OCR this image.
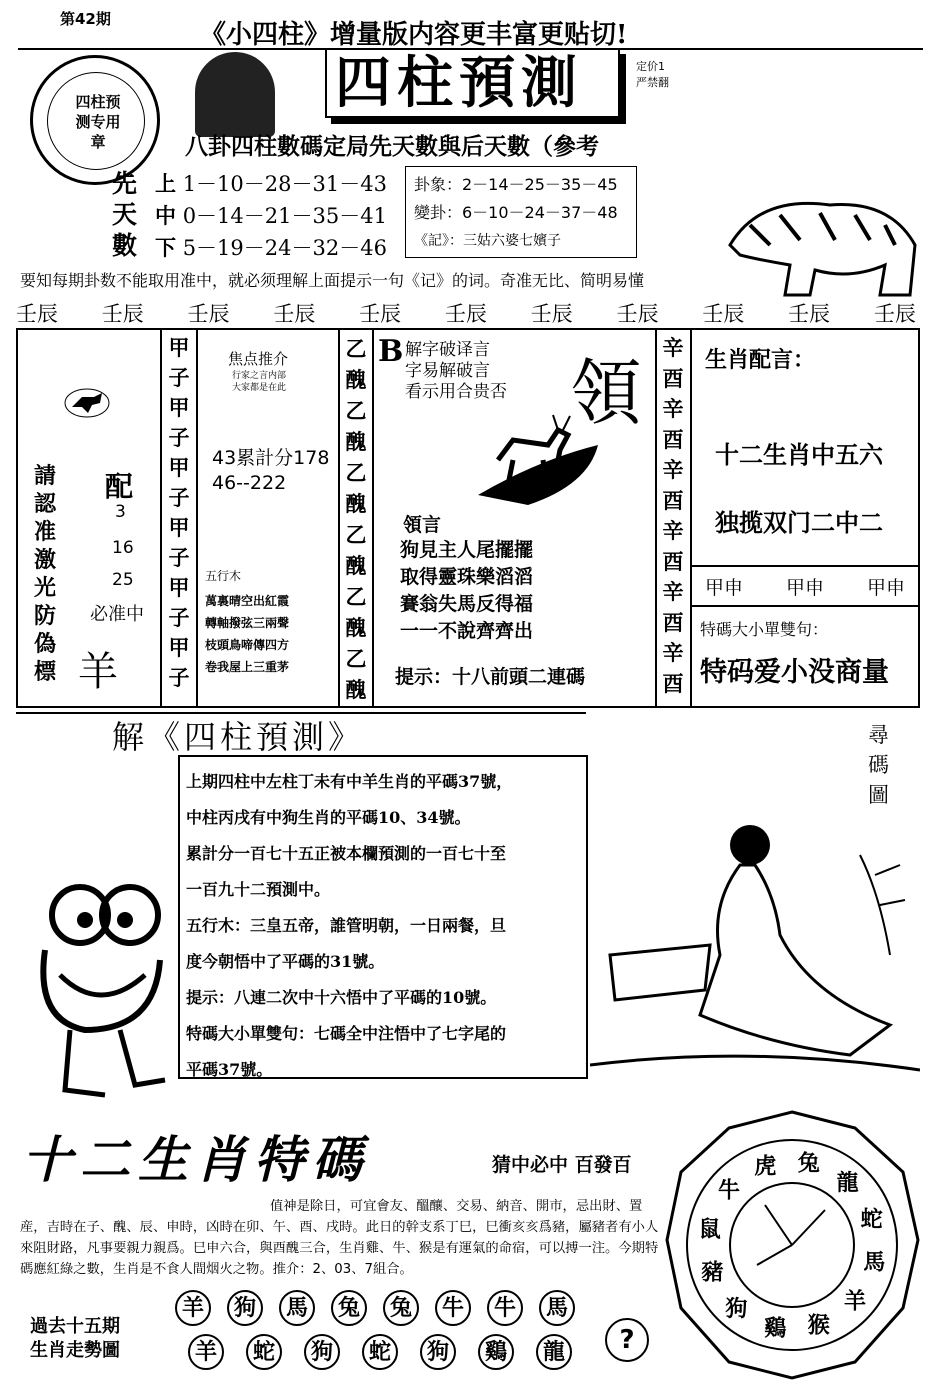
第42期
《小四柱》增量版内容更丰富更贴切!
四柱预测专用章
四柱預測	定价1
严禁翻
八卦四柱數碼定局先天數與后天數（參考
先
天
數
上 1－10－28－31－43
中 0－14－21－35－41
下 5－19－24－32－46
卦象：2－14－25－35－45
變卦：6－10－24－37－48
《記》：三姑六婆七嬪子
要知每期卦数不能取用准中，就必须理解上面提示一句《记》的词。奇准无比、简明易懂
壬辰 壬辰 壬辰 壬辰 壬辰 壬辰 壬辰 壬辰 壬辰 壬辰 壬辰
請認准激光防偽標
配
3
16
25
必准中
羊
甲子
甲子
甲子
甲子
甲子
甲子
焦点推介
行家之言内部
大家都是在此
43累計分178
46--222
五行木
萬裏晴空出紅霞
轉軸撥弦三兩聲
枝頭鳥啼傳四方
卷我屋上三重茅
乙醜
乙醜
乙醜
乙醜
乙醜
乙醜
B 解字破译言
字易解破言
看示用合贵否 領
領言
狗見主人尾擺擺
取得靈珠樂滔滔
賽翁失馬反得福
一一不說齊齊出
提示：十八前頭二連碼
辛酉
辛酉
辛酉
辛酉
辛酉
辛酉
生肖配言：
十二生肖中五六
独揽双门二中二
甲申 甲申 甲申
特碼大小單雙句：
特码爱小没商量
解《四柱預測》
上期四柱中左柱丁未有中羊生肖的平碼37號，
中柱丙戌有中狗生肖的平碼10、34號。
累計分一百七十五正被本欄預測的一百七十至
一百九十二預測中。
五行木：三皇五帝，誰管明朝，一日兩餐，旦
度今朝悟中了平碼的31號。
提示：八連二次中十六悟中了平碼的10號。
特碼大小單雙句：七碼全中注悟中了七字尾的
平碼37號。
尋碼圖
十二生肖特碼	猜中必中 百發百
值神是除日，可宜會友、醞釀、交易、納音、開市，忌出財、置産，吉時在子、醜、辰、申時，凶時在卯、午、酉、戌時。此日的幹支系丁巳，巳衝亥亥爲豬，屬豬者有小人來阻財路，凡事要親力親爲。巳申六合，與酉醜三合，生肖雞、牛、猴是有運氣的命宿，可以搏一注。今期特碼應紅綠之數，生肖是不食人間烟火之物。推介：2、03、7組合。
過去十五期
生肖走勢圖
羊 狗 馬 兔 兔 牛 牛 馬
羊 蛇 狗 蛇 狗 鷄 龍	?
兔
龍
蛇
馬
羊
猴
鷄
狗
豬
鼠
牛
虎
